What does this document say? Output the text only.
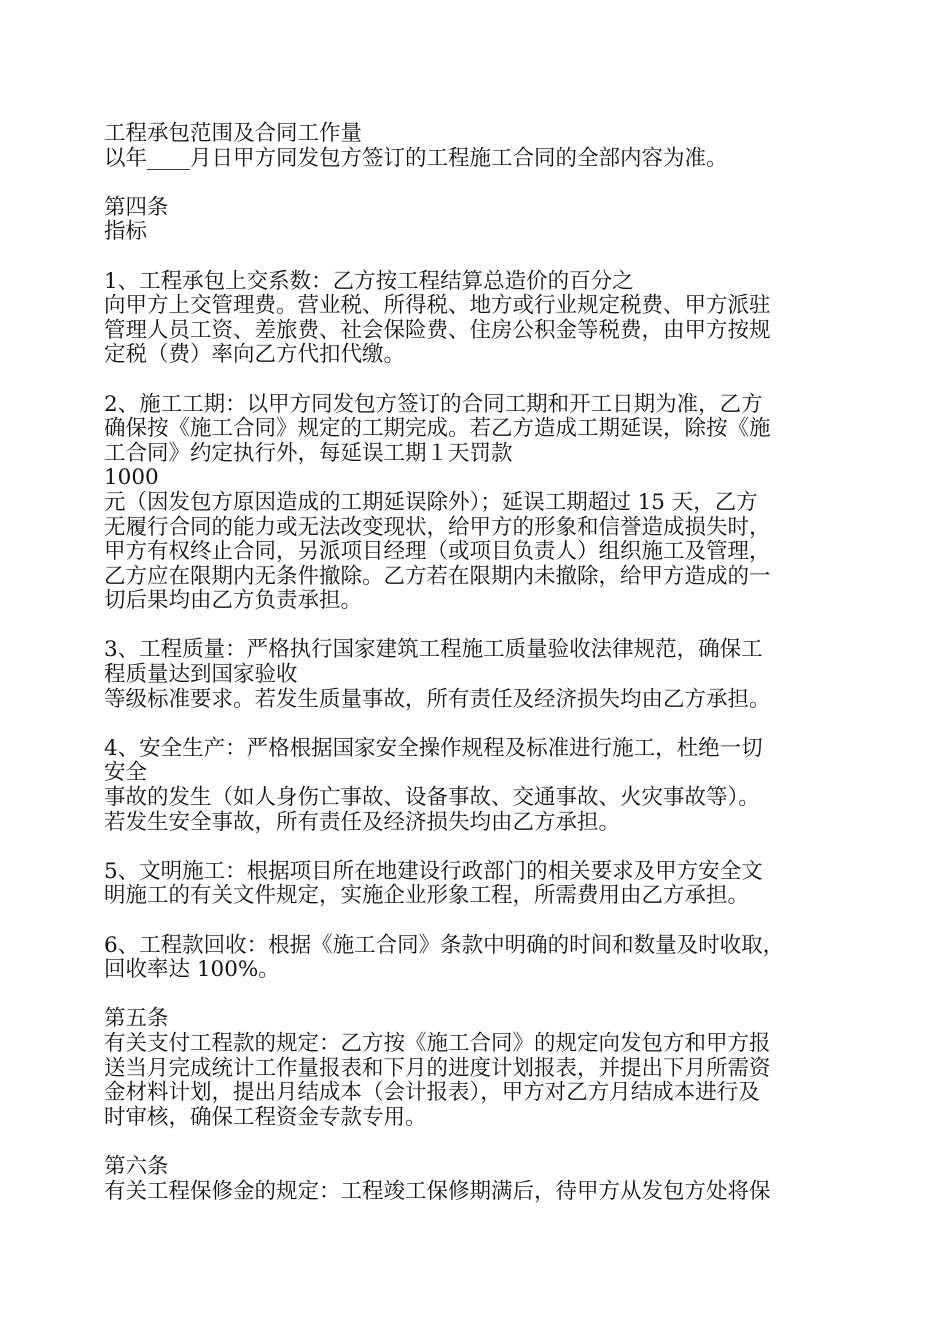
工程承包范围及合同工作量
以年____月日甲方同发包方签订的工程施工合同的全部内容为准。
第四条
指标
1、工程承包上交系数：乙方按工程结算总造价的百分之
向甲方上交管理费。营业税、所得税、地方或行业规定税费、甲方派驻
管理人员工资、差旅费、社会保险费、住房公积金等税费，由甲方按规
定税（费）率向乙方代扣代缴。
2、施工工期：以甲方同发包方签订的合同工期和开工日期为准，乙方
确保按《施工合同》规定的工期完成。若乙方造成工期延误，除按《施
工合同》约定执行外，每延误工期１天罚款
1000
元（因发包方原因造成的工期延误除外）；延误工期超过 15 天，乙方
无履行合同的能力或无法改变现状，给甲方的形象和信誉造成损失时，
甲方有权终止合同，另派项目经理（或项目负责人）组织施工及管理，
乙方应在限期内无条件撤除。乙方若在限期内未撤除，给甲方造成的一
切后果均由乙方负责承担。
3、工程质量：严格执行国家建筑工程施工质量验收法律规范，确保工
程质量达到国家验收
等级标准要求。若发生质量事故，所有责任及经济损失均由乙方承担。
4、安全生产：严格根据国家安全操作规程及标准进行施工，杜绝一切
安全
事故的发生（如人身伤亡事故、设备事故、交通事故、火灾事故等）。
若发生安全事故，所有责任及经济损失均由乙方承担。
5、文明施工：根据项目所在地建设行政部门的相关要求及甲方安全文
明施工的有关文件规定，实施企业形象工程，所需费用由乙方承担。
6、工程款回收：根据《施工合同》条款中明确的时间和数量及时收取，
回收率达 100%。
第五条
有关支付工程款的规定：乙方按《施工合同》的规定向发包方和甲方报
送当月完成统计工作量报表和下月的进度计划报表，并提出下月所需资
金材料计划，提出月结成本（会计报表），甲方对乙方月结成本进行及
时审核，确保工程资金专款专用。
第六条
有关工程保修金的规定：工程竣工保修期满后，待甲方从发包方处将保
